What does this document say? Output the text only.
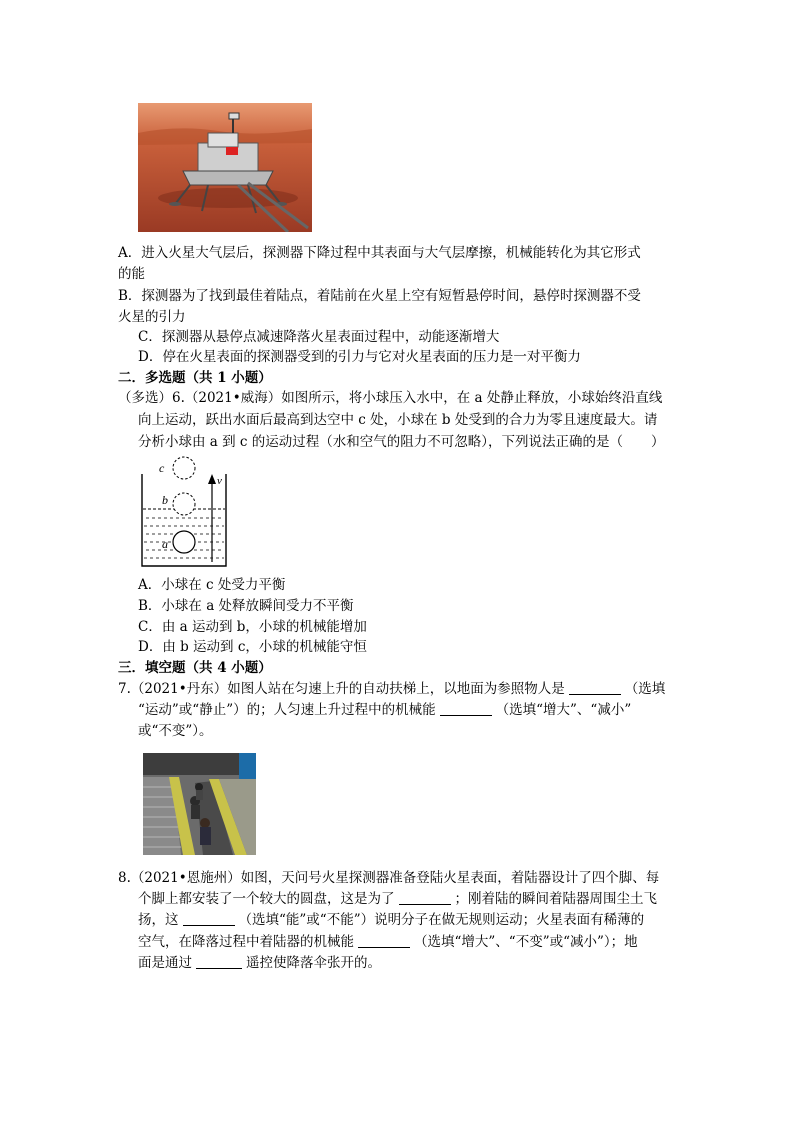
A．进入火星大气层后，探测器下降过程中其表面与大气层摩擦，机械能转化为其它形式
的能
B．探测器为了找到最佳着陆点，着陆前在火星上空有短暂悬停时间，悬停时探测器不受
火星的引力
C．探测器从悬停点减速降落火星表面过程中，动能逐渐增大
D．停在火星表面的探测器受到的引力与它对火星表面的压力是一对平衡力
二．多选题（共 1 小题）
（多选）6.（2021•威海）如图所示，将小球压入水中，在 a 处静止释放，小球始终沿直线
向上运动，跃出水面后最高到达空中 c 处，小球在 b 处受到的合力为零且速度最大。请
分析小球由 a 到 c 的运动过程（水和空气的阻力不可忽略），下列说法正确的是（ ）
c
b
a
v
A．小球在 c 处受力平衡
B．小球在 a 处释放瞬间受力不平衡
C．由 a 运动到 b，小球的机械能增加
D．由 b 运动到 c，小球的机械能守恒
三．填空题（共 4 小题）
7.（2021•丹东）如图人站在匀速上升的自动扶梯上，以地面为参照物人是	（选填
“运动”或“静止”）的；人匀速上升过程中的机械能	（选填“增大”、“减小”
或“不变”）。
8.（2021•恩施州）如图，天问号火星探测器准备登陆火星表面，着陆器设计了四个脚、每
个脚上都安装了一个较大的圆盘，这是为了	；刚着陆的瞬间着陆器周围尘土飞
扬，这	（选填“能”或“不能”）说明分子在做无规则运动；火星表面有稀薄的
空气，在降落过程中着陆器的机械能	（选填“增大”、“不变”或“减小”）；地
面是通过	遥控使降落伞张开的。
